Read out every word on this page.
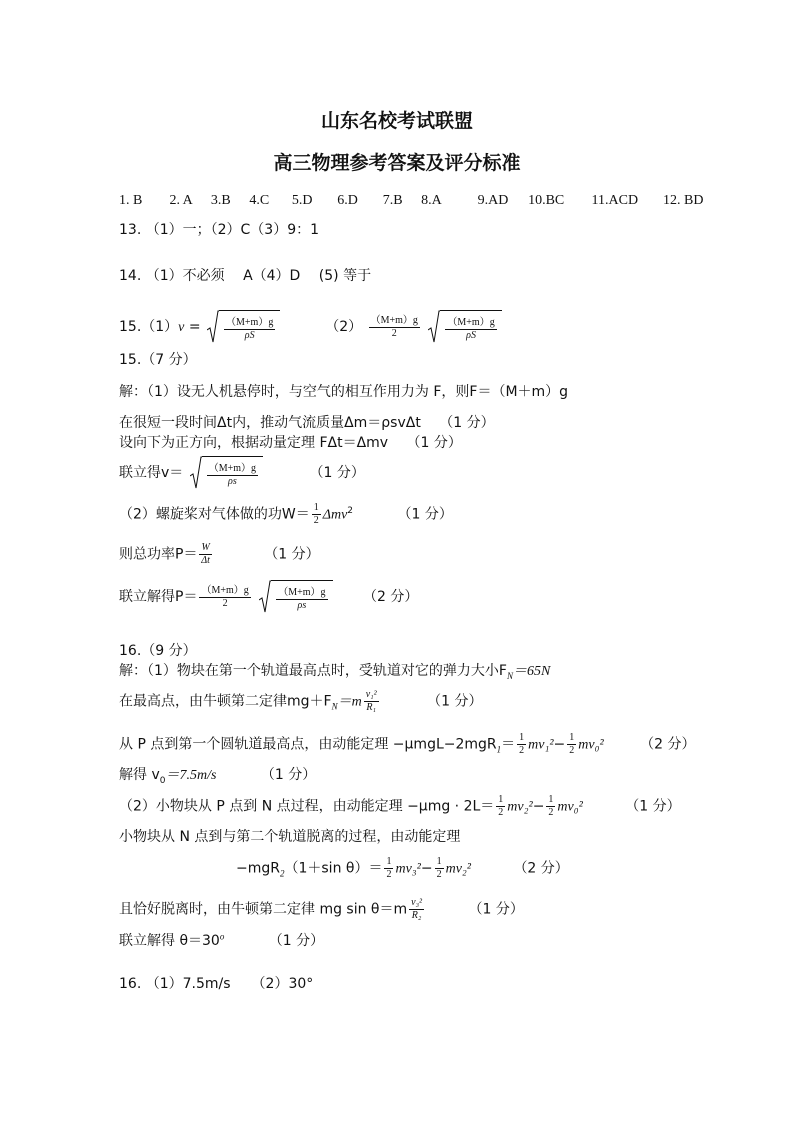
山东名校考试联盟
高三物理参考答案及评分标准
1. B 2. A 3.B 4.C 5.D 6.D 7.B 8.A	9.AD 10.BC 11.ACD 12. BD
13. （1）一；（2）C（3）9：1
14. （1）不必须 　A（4）D　 (5) 等于
$15.(1)v = \frac{(M+m)g}{\rho S}$	$(2) \frac{(M+m)g}{2}$
	$\frac{(M+m)g}{\rho S}$
15.（7 分）
解：（1）设无人机悬停时，与空气的相互作用力为 F，则F＝（M＋m）g
在很短一段时间Δt内，推动气流质量Δm＝ρsvΔt　 （1 分）
设向下为正方向，根据动量定理 FΔt＝Δmv　 （1 分）
联立得$v= \frac{(M+m)g}{\rho s}$	（1 分）
（2）螺旋桨对气体做的功$W= \frac{1}{2} \Delta mv^2$	（1 分）
则总功率$P= \frac{W}{\Delta t}$	（1 分）
联立解得$P= \frac{(M+m)g}{2}$
	$\frac{(M+m)g}{\rho s}$	（2 分）
16.（9 分）
解：（1）物块在第一个轨道最高点时，受轨道对它的弹力大小$F_N=65N$
在最高点，由牛顿第二定律$mg+F_N=m \frac{\text{v₁²}}{\text{R₁}}$	（1 分）
从 P 点到第一个圆轨道最高点，由动能定理 $-\mu mgL-2mgR_1= \frac{1}{2} mv_1^2- \frac{1}{2} mv_0^2$	（2 分）
解得 $v_0=7.5m/s$	（1 分）
（2）小物块从 P 点到 N 点过程，由动能定理 $-\mu mg \cdot 2L= \frac{1}{2} mv_2^2- \frac{1}{2} mv_0^2$	（1 分）
小物块从 N 点到与第二个轨道脱离的过程，由动能定理
−mgR$_2$（1＋sin $\theta)= \frac{1}{2} mv_3^2- \frac{1}{2} mv_2^2$	（2 分）
且恰好脱离时，由牛顿第二定律 mg $\sin \theta=m \frac{\text{v₃²}}{\text{R₂}}$	（1 分）
联立解得 $\theta=30^o$	（1 分）
16. （1）7.5m/s　　（2）30°
